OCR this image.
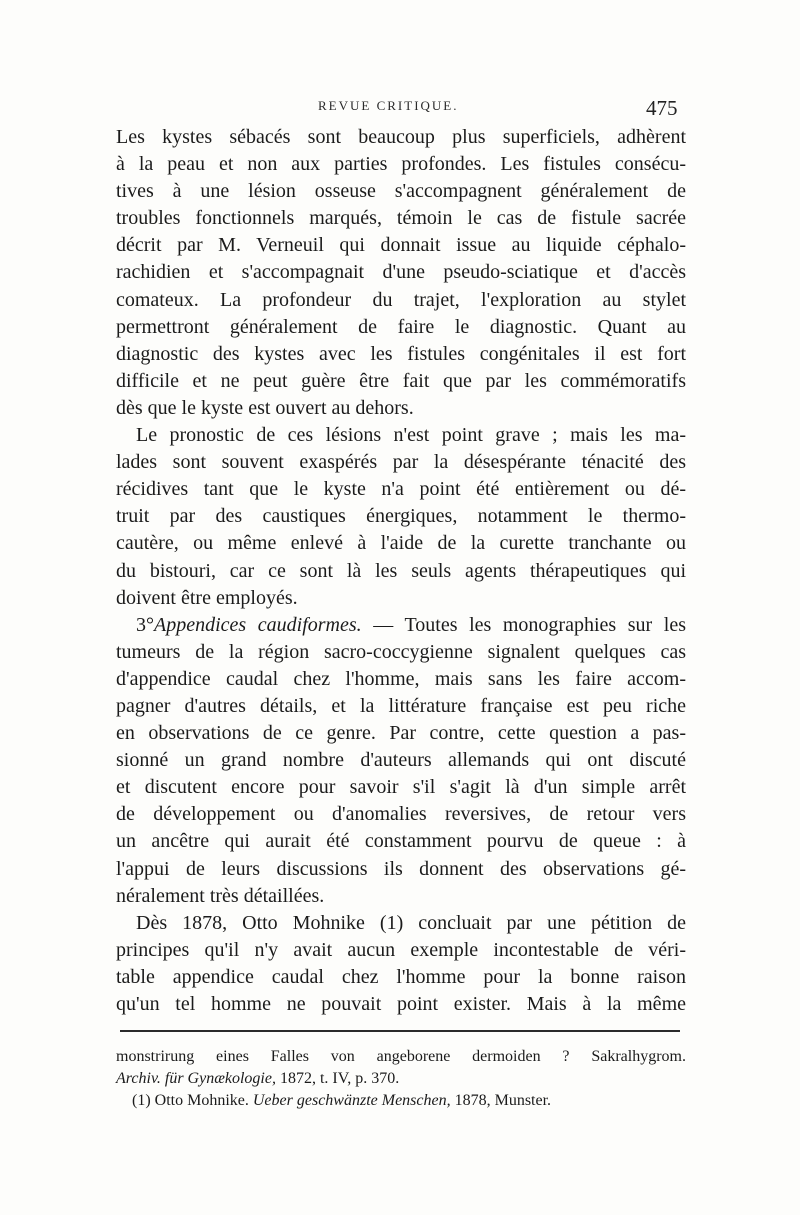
REVUE CRITIQUE.	475

Les kystes sébacés sont beaucoup plus superficiels, adhèrent

à la peau et non aux parties profondes. Les fistules consécu-

tives à une lésion osseuse s'accompagnent généralement de

troubles fonctionnels marqués, témoin le cas de fistule sacrée

décrit par M. Verneuil qui donnait issue au liquide céphalo-

rachidien et s'accompagnait d'une pseudo-sciatique et d'accès

comateux. La profondeur du trajet, l'exploration au stylet

permettront généralement de faire le diagnostic. Quant au

diagnostic des kystes avec les fistules congénitales il est fort

difficile et ne peut guère être fait que par les commémoratifs

dès que le kyste est ouvert au dehors.

Le pronostic de ces lésions n'est point grave ; mais les ma-

lades sont souvent exaspérés par la désespérante ténacité des

récidives tant que le kyste n'a point été entièrement ou dé-

truit par des caustiques énergiques, notamment le thermo-

cautère, ou même enlevé à l'aide de la curette tranchante ou

du bistouri, car ce sont là les seuls agents thérapeutiques qui

doivent être employés.

3°Appendices caudiformes. — Toutes les monographies sur les

tumeurs de la région sacro-coccygienne signalent quelques cas

d'appendice caudal chez l'homme, mais sans les faire accom-

pagner d'autres détails, et la littérature française est peu riche

en observations de ce genre. Par contre, cette question a pas-

sionné un grand nombre d'auteurs allemands qui ont discuté

et discutent encore pour savoir s'il s'agit là d'un simple arrêt

de développement ou d'anomalies reversives, de retour vers

un ancêtre qui aurait été constamment pourvu de queue : à

l'appui de leurs discussions ils donnent des observations gé-

néralement très détaillées.

Dès 1878, Otto Mohnike (1) concluait par une pétition de

principes qu'il n'y avait aucun exemple incontestable de véri-

table appendice caudal chez l'homme pour la bonne raison

qu'un tel homme ne pouvait point exister. Mais à la même

monstrirung eines Falles von angeborene dermoiden ? Sakralhygrom.

Archiv. für Gynækologie, 1872, t. IV, p. 370.

(1) Otto Mohnike. Ueber geschwänzte Menschen, 1878, Munster.
